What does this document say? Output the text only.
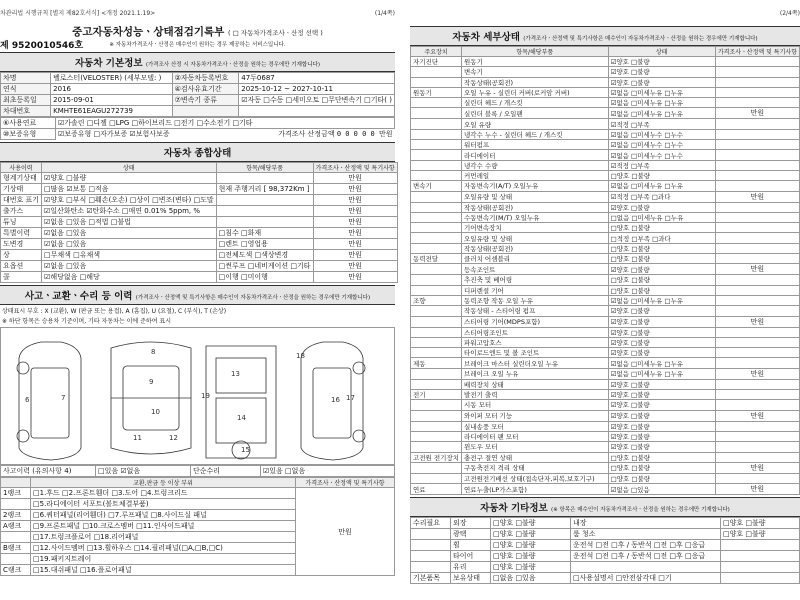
차관리법 시행규칙 [별지 제82호서식] <개정 2021.1.19>	(1/4쪽)
중고자동차성능ㆍ상태점검기록부 ( □ 자동차가격조사ㆍ산정 선택 )
※ 자동차가격조사ㆍ산정은 매수인이 원하는 경우 제공하는 서비스입니다.
제 9520010546호
자동차 기본정보 (가격조사 산정 시 자동차가격조사ㆍ산정을 원하는 경우에만 기재합니다)
차명	벨로스터(VELOSTER) (세부모델: )	②자동차등록번호	47두0687
연식	2016	④검사유효기간	2025-10-12 ~ 2027-10-11
최초등록일	2015-09-01	⑦변속기 종류	☑자동 □수동 □세미오토 □무단변속기 □기타( )
차대번호	KMHTE61EAGU272739		
⑥사용연료	☑가솔린 □디젤 □LPG □하이브리드 □전기 □수소전기 □기타
⑩보증유형		☑보증유형 □자가보증 ☑보험사보증	가격조사 산정금액 0 0 0 0 0 만원
자동차 종합상태
사용이력	상태	항목/해당부품	가격조사ㆍ산정액 및 특기사항
형계기상태	☑양호 □불량		만원
기상태	□많음 ☑보통 □적음	현재 주행거리 [ 98,372Km ]	만원
대번호 표기	☑양호 □부식 □훼손(오손) □상이 □변조(변타) □도말		만원
출가스	☑일산화탄소 ☑탄화수소 □매연 0.01% 5ppm, %		만원
튜닝	☑없음 □있음 □적법 □불법		만원
특별이력	☑없음 □있음	□침수 □화재	만원
도변경	☑없음 □있음	□렌트 □영업용	만원
상	□무채색 □유채색	□전체도색 □색상변경	만원
요옵션	☑없음 □있음	□썬루프 □네비게이션 □기타	만원
콜	☑해당없음 □해당	□이행 □미이행	만원
사고ㆍ교환ㆍ수리 등 이력 (가격조사ㆍ산정액 및 특기사항은 매수인이 자동차가격조사ㆍ산정을 원하는 경우에만 기재합니다)
상태표시 부호 : X (교환), W (판금 또는 용접), A (흠집), U (요철), C (부식), T (손상)
※ 하단 항목은 승용차 기준이며, 기타 자동차는 이에 준하여 표시
6	7
8
9
10
11	12
13
14
15
16 17
18
19
사고이력 (유의사항 4)	□있음 ☑없음	단순수리	☑있음 □없음
	교환,판금 등 이상 부위	가격조사ㆍ산정액 및 특기사항
1랭크	□1.후드 □2.프론트휀더 □3.도어 □4.트렁크리드	만원
	□5.라디에이터 서포트(볼트체결부품)	
2랭크	□6.쿼터패널(리어휀더) □7.루프패널 □8.사이드실 패널	
A랭크	□9.프론트패널 □10.크로스멤버 □11.인사이드패널	
	□17.트렁크플로어 □18.리어패널	
B랭크	□12.사이드멤버 □13.휠하우스 □14.필러패널(□A,□B,□C)	
	□19.패키지트레이	
C랭크	□15.대쉬패널 □16.플로어패널	
(2/4쪽)
자동차 세부상태 (가격조사ㆍ산정액 및 특기사항은 매수인이 자동차가격조사ㆍ산정을 원하는 경우에만 기재합니다)
주요장치	항목/해당부품	상태	가격조사ㆍ산정액 및 특기사항
자기진단	원동기	☑양호 □불량	
	변속기	☑양호 □불량	
	작동상태(공회전)	☑양호 □불량	
원동기	오일 누유 ‑ 실린더 커버(로커암 커버)	☑없음 □미세누유 □누유	
	실린더 헤드 / 개스킷	☑없음 □미세누유 □누유	
	실린더 블록 / 오일팬	☑없음 □미세누유 □누유	만원
	오일 유량	☑적정 □부족	
	냉각수 누수 ‑ 실린더 헤드 / 개스킷	☑없음 □미세누수 □누수	
	워터펌프	☑없음 □미세누수 □누수	
	라디에이터	☑없음 □미세누수 □누수	
	냉각수 수량	☑적정 □부족	
	커먼레일	□양호 □불량	
변속기	자동변속기(A/T) 오일누유	☑없음 □미세누유 □누유	
	오일유량 및 상태	☑적정 □부족 □과다	만원
	작동상태(공회전)	☑양호 □불량	
	수동변속기(M/T) 오일누유	□없음 □미세누유 □누유	
	기어변속장치	□양호 □불량	
	오일유량 및 상태	□적정 □부족 □과다	
	작동상태(공회전)	□양호 □불량	
동력전달	클러치 어셈블리	□양호 □불량	
	등속조인트	☑양호 □불량	만원
	추진축 및 베어링	□양호 □불량	
	디퍼렌셜 기어	□양호 □불량	
조향	동력조향 작동 오일 누유	☑없음 □미세누유 □누유	
	작동상태 ‑ 스티어링 펌프	☑양호 □불량	
	스티어링 기어(MDPS포함)	☑양호 □불량	만원
	스티어링조인트	☑양호 □불량	
	파워고압호스	☑양호 □불량	
	타이로드엔드 및 볼 조인트	☑양호 □불량	
제동	브레이크 마스터 실린더오일 누유	☑없음 □미세누유 □누유	
	브레이크 오일 누유	☑없음 □미세누유 □누유	만원
	배력장치 상태	☑양호 □불량	
전기	발전기 출력	☑양호 □불량	
	시동 모터	☑양호 □불량	
	와이퍼 모터 기능	☑양호 □불량	만원
	실내송풍 모터	☑양호 □불량	
	라디에이터 팬 모터	☑양호 □불량	
	윈도우 모터	☑양호 □불량	
고전원 전기장치	충전구 절연 상태	□양호 □불량	
	구동축전지 격리 상태	□양호 □불량	만원
	고전원전기배선 상태(접속단자,피복,보호기구)	□양호 □불량	
연료	연료누출(LP가스포함)	☑없음 □있음	만원
자동차 기타정보 (※ 항목은 매수인이 자동차가격조사ㆍ산정을 원하는 경우에만 기재합니다)
수리필요	외장	□양호 □불량	내장	□양호 □불량
	광택	□양호 □불량	룸 청소	□양호 □불량
	휠	□양호 □불량	운전석 □전 □후 / 동반석 □전 □후 □응급	
	타이어	□양호 □불량	운전석 □전 □후 / 동반석 □전 □후 □응급	
	유리	□양호 □불량		
기본품목	보유상태	□없음 □있음	□사용설명서 □안전삼각대 □기	
